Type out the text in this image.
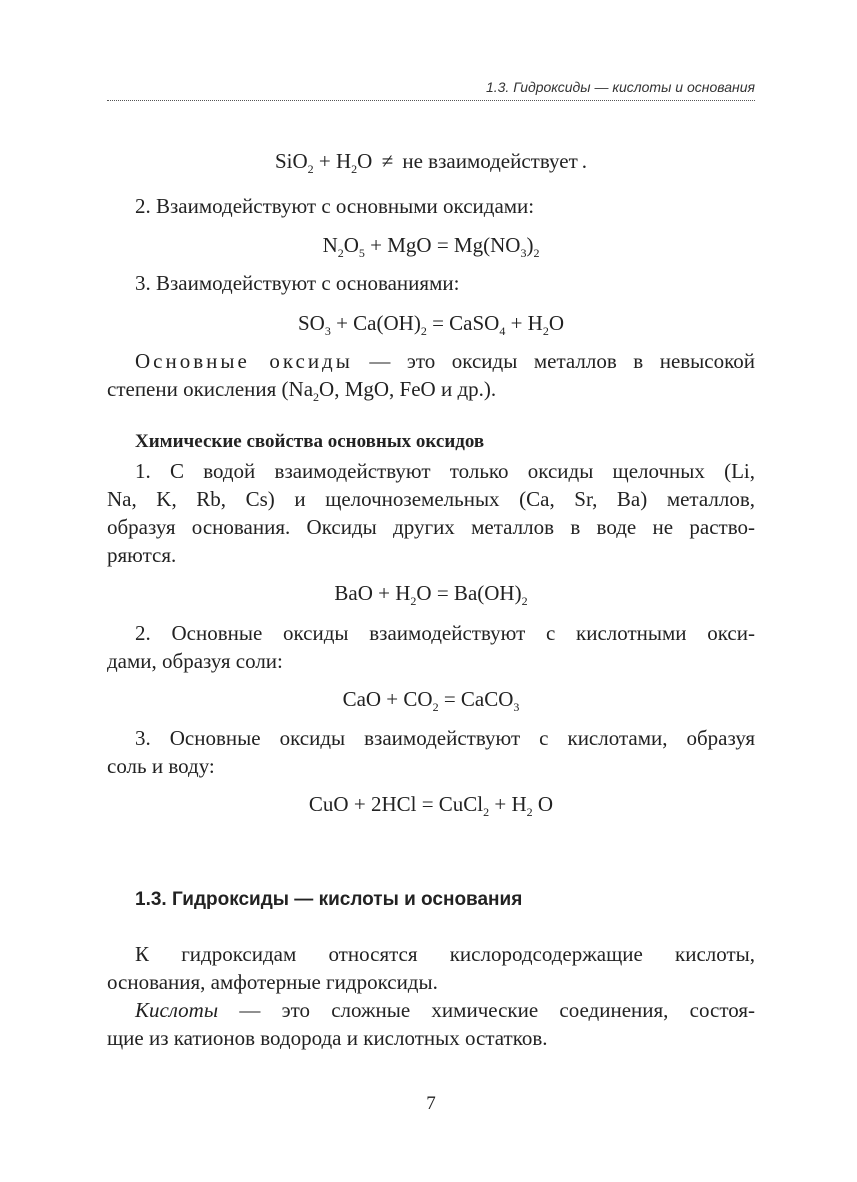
1.3. Гидроксиды — кислоты и основания
$SiO_2 + H_2O$ ≠ не взаимодействует .
2. Взаимодействуют с основными оксидами:
$N_2O_5$ + MgO = $Mg(NO_3)_2$
3. Взаимодействуют с основаниями:
$SO_3 + Ca(OH)_2$ = CaSO$_4$ + $H_2O$
Основные оксиды — это оксиды металлов в невысокой
степени окисления ($Na_2O$, MgO, FeO и др.).
Химические свойства основных оксидов
1. С водой взаимодействуют только оксиды щелочных (Li,
Na, K, Rb, Cs) и щелочноземельных (Ca, Sr, Ba) металлов,
образуя основания. Оксиды других металлов в воде не раство-
ряются.
BaO + $H_2O = Ba(OH)_2$
2. Основные оксиды взаимодействуют с кислотными окси-
дами, образуя соли:
CaO + $CO_2$ = CaCO$_3$
3. Основные оксиды взаимодействуют с кислотами, образуя
соль и воду:
CuO + 2HCl = CuCl$_2$ + $H_2$ O
1.3. Гидроксиды — кислоты и основания
К гидроксидам относятся кислородсодержащие кислоты,
основания, амфотерные гидроксиды.
Кислоты — это сложные химические соединения, состоя-
щие из катионов водорода и кислотных остатков.
7
